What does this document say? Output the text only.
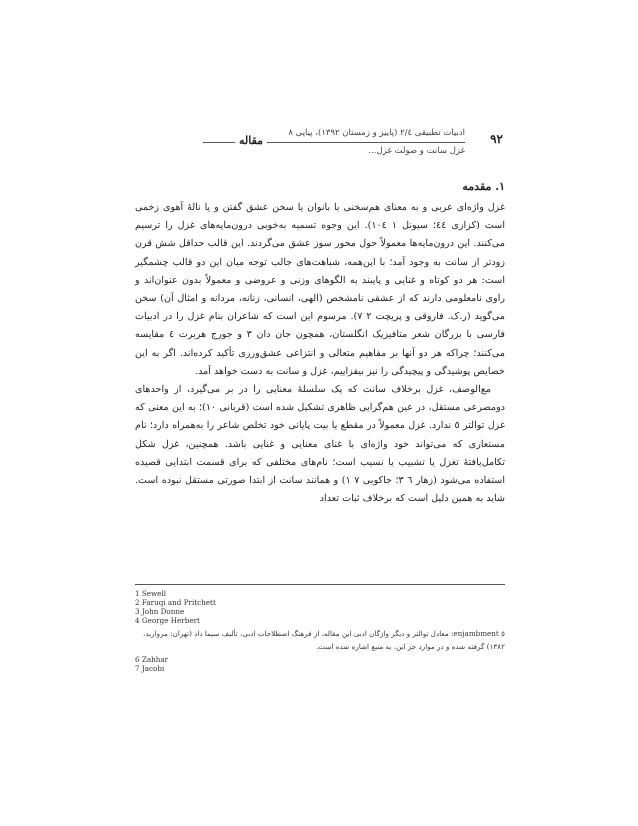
۹۲
ادبیات تطبیقی ۲/٤ (پاییز و زمستان ۱۳۹۲)، پیاپی ۸
مقاله
غزل سانت و صولت غزل...
۱. مقدمه

غزل واژه‌ای عربی و به معنای هم‌سخنی با بانوان یا سخن عشق گفتن و یا نالهٔ آهوی زخمی است (کزازی ٤٤؛ سیونل ۱ ۱۰٤). این وجوه تسمیه به‌خوبی درون‌مایه‌های غزل را ترسیم می‌کنند. این درون‌مایه‌ها معمولاً حول محور سوز عشق می‌گردند. این قالب حداقل شش قرن زودتر از سانت به وجود آمد؛ با این‌همه، شباهت‌های جالب توجه میان این دو قالب چشمگیر است: هر دو کوتاه و غنایی و پایبند به الگوهای وزنی و عروضی و معمولاً بدون عنوان‌اند و راوی نامعلومی دارند که از عشقی نامشخص (الهی، انسانی، زنانه، مردانه و امثال آن) سخن می‌گوید (ر.ک. فاروقی و پریچت ۲ ۷). مرسوم این است که شاعران بنام غزل را در ادبیات فارسی با بزرگان شعر متافیزیک انگلستان، همچون جان دان ۳ و جورج هربرت ٤ مقایسه می‌کنند؛ چراکه هر دو آنها بر مفاهیم متعالی و انتزاعی عشق‌ورزی تأکید کرده‌اند. اگر به این خصایص پوشیدگی و پیچیدگی را نیز بیفزاییم، غزل و سانت به دست خواهد آمد.

مع‌الوصف، غزل برخلاف سانت که یک سلسلهٔ معنایی را در بر می‌گیرد، از واحدهای دومصرعی مستقل، در عین هم‌گرایی ظاهری تشکیل شده است (قربانی ۱۰)؛ به این معنی که غزل توالتر ٥ ندارد. غزل معمولاً در مقطع یا بیت پایانی خود تخلص شاعر را به‌همراه دارد؛ نام مستعاری که می‌تواند خود واژه‌ای با غنای معنایی و غنایی باشد. همچنین، غزل شکل تکامل‌یافتهٔ تغزل یا تشبیب یا نسیب است؛ نام‌های مختلفی که برای قسمت ابتدایی قصیده استفاده می‌شود (زهار ٦ ۳؛ جاکوبی ۷ ۱) و همانند سانت از ابتدا صورتی مستقل نبوده است. شاید به همین دلیل است که برخلاف ثبات تعداد

1 Sewell
2 Faruqi and Pritchett
3 John Donne
4 George Herbert
٥ enjambment: معادل توالتر و دیگر واژگان ادبی این مقاله، از فرهنگ اصطلاحات ادبی، تألیف سیما داد (تهران: مروارید، ۱۳۸۲) گرفته شده و در موارد جز این، به منبع اشاره شده است.
6 Zahhar
7 Jacobi
